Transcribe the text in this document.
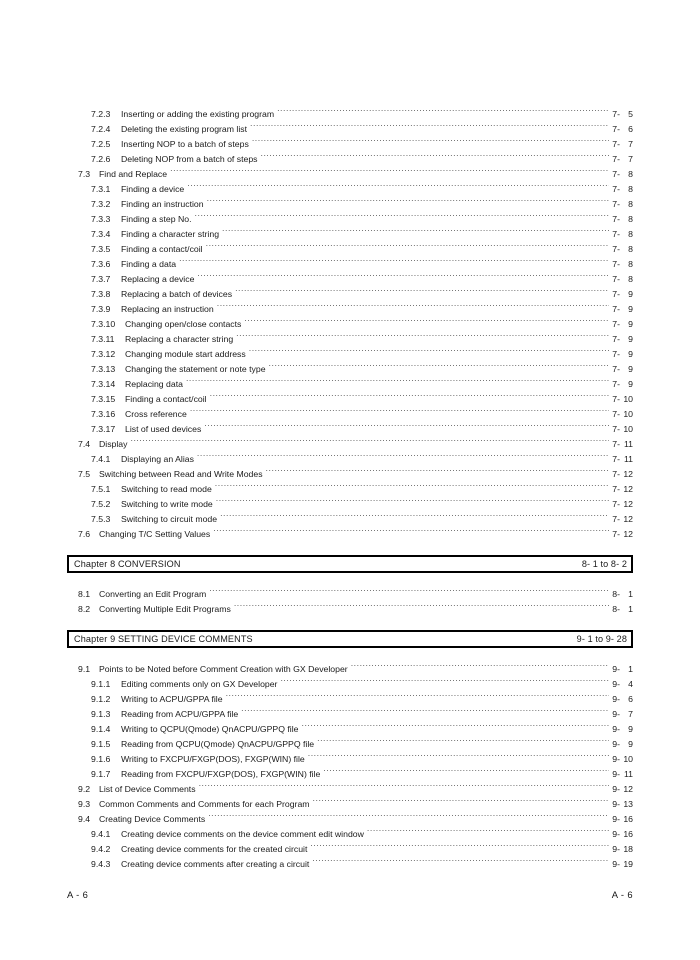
7.2.3	Inserting or adding the existing program .....	7- 5
7.2.4	Deleting the existing program list .....	7- 6
7.2.5	Inserting NOP to a batch of steps .....	7- 7
7.2.6	Deleting NOP from a batch of steps .....	7- 7
7.3	Find and Replace .....	7- 8
7.3.1	Finding a device .....	7- 8
7.3.2	Finding an instruction .....	7- 8
7.3.3	Finding a step No. .....	7- 8
7.3.4	Finding a character string .....	7- 8
7.3.5	Finding a contact/coil .....	7- 8
7.3.6	Finding a data .....	7- 8
7.3.7	Replacing a device .....	7- 8
7.3.8	Replacing a batch of devices .....	7- 9
7.3.9	Replacing an instruction .....	7- 9
7.3.10	Changing open/close contacts .....	7- 9
7.3.11	Replacing a character string .....	7- 9
7.3.12	Changing module start address .....	7- 9
7.3.13	Changing the statement or note type .....	7- 9
7.3.14	Replacing data .....	7- 9
7.3.15	Finding a contact/coil .....	7- 10
7.3.16	Cross reference .....	7- 10
7.3.17	List of used devices .....	7- 10
7.4	Display .....	7- 11
7.4.1	Displaying an Alias .....	7- 11
7.5	Switching between Read and Write Modes .....	7- 12
7.5.1	Switching to read mode .....	7- 12
7.5.2	Switching to write mode .....	7- 12
7.5.3	Switching to circuit mode .....	7- 12
7.6	Changing T/C Setting Values .....	7- 12
Chapter 8 CONVERSION	8- 1 to 8- 2
8.1	Converting an Edit Program .....	8- 1
8.2	Converting Multiple Edit Programs .....	8- 1
Chapter 9 SETTING DEVICE COMMENTS	9- 1 to 9- 28
9.1	Points to be Noted before Comment Creation with GX Developer .....	9- 1
9.1.1	Editing comments only on GX Developer .....	9- 4
9.1.2	Writing to ACPU/GPPA file .....	9- 6
9.1.3	Reading from ACPU/GPPA file .....	9- 7
9.1.4	Writing to QCPU(Qmode) QnACPU/GPPQ file .....	9- 9
9.1.5	Reading from QCPU(Qmode) QnACPU/GPPQ file .....	9- 9
9.1.6	Writing to FXCPU/FXGP(DOS), FXGP(WIN) file .....	9- 10
9.1.7	Reading from FXCPU/FXGP(DOS), FXGP(WIN) file .....	9- 11
9.2	List of Device Comments .....	9- 12
9.3	Common Comments and Comments for each Program .....	9- 13
9.4	Creating Device Comments .....	9- 16
9.4.1	Creating device comments on the device comment edit window .....	9- 16
9.4.2	Creating device comments for the created circuit .....	9- 18
9.4.3	Creating device comments after creating a circuit .....	9- 19
A - 6	A - 6
